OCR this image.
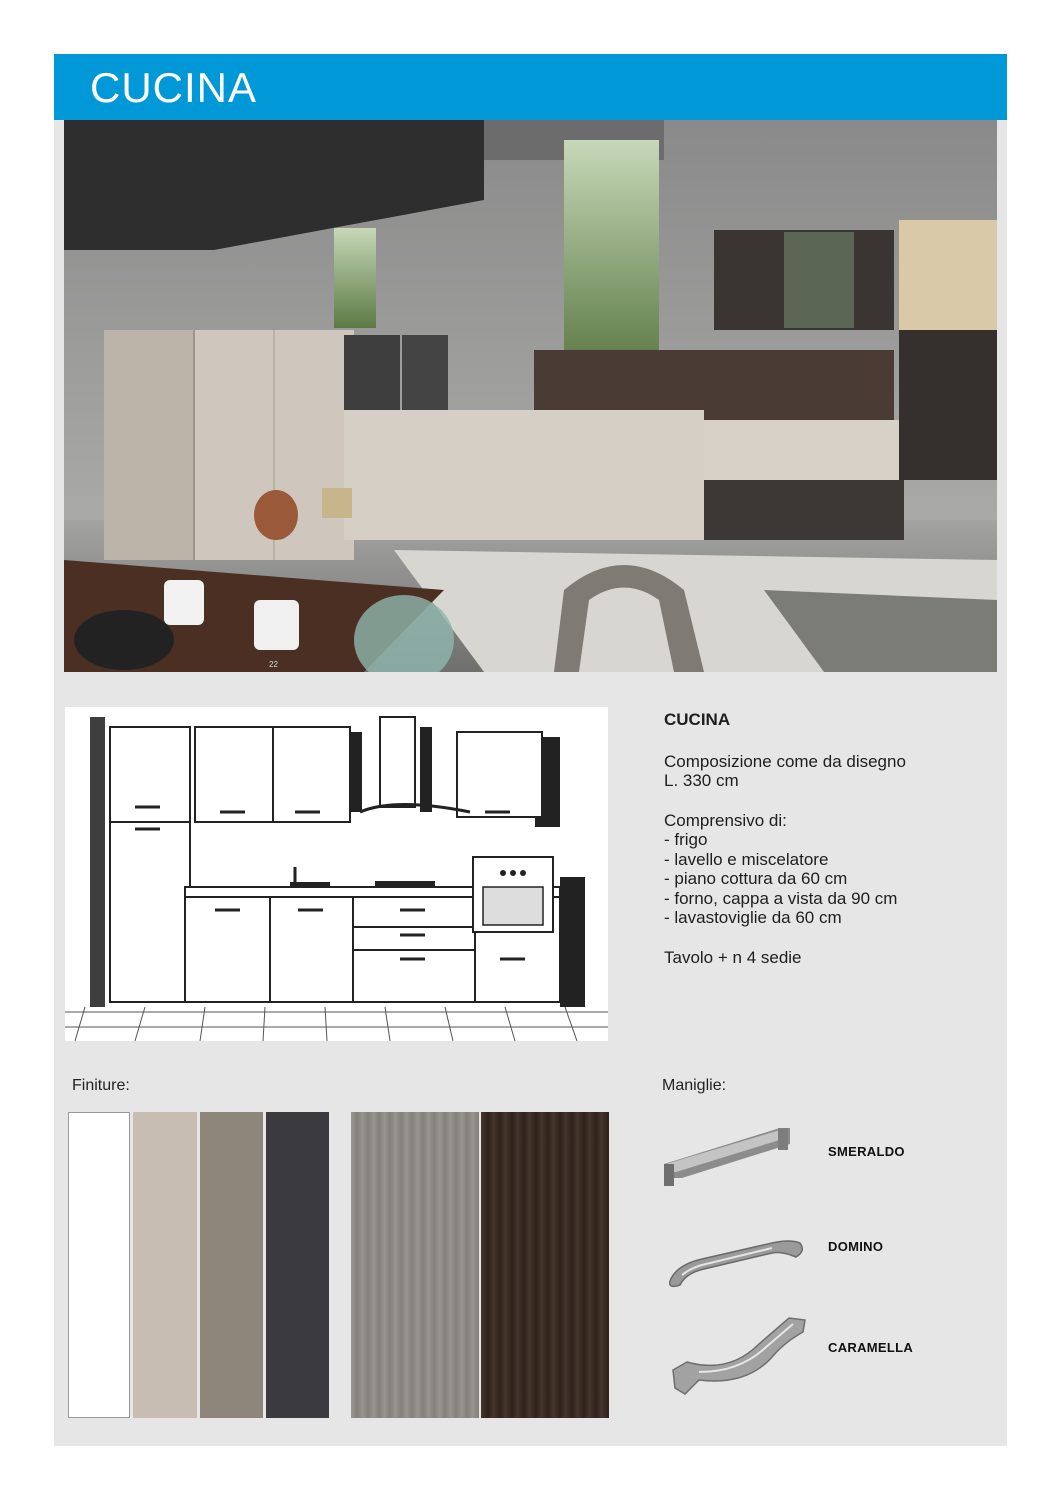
CUCINA
22
CUCINA
Composizione come da disegno
L. 330 cm
Comprensivo di:
- frigo
- lavello e miscelatore
- piano cottura da 60 cm
- forno, cappa a vista da 90 cm
- lavastoviglie da 60 cm
Tavolo + n 4 sedie
Finiture:	Maniglie:
SMERALDO
DOMINO
CARAMELLA
